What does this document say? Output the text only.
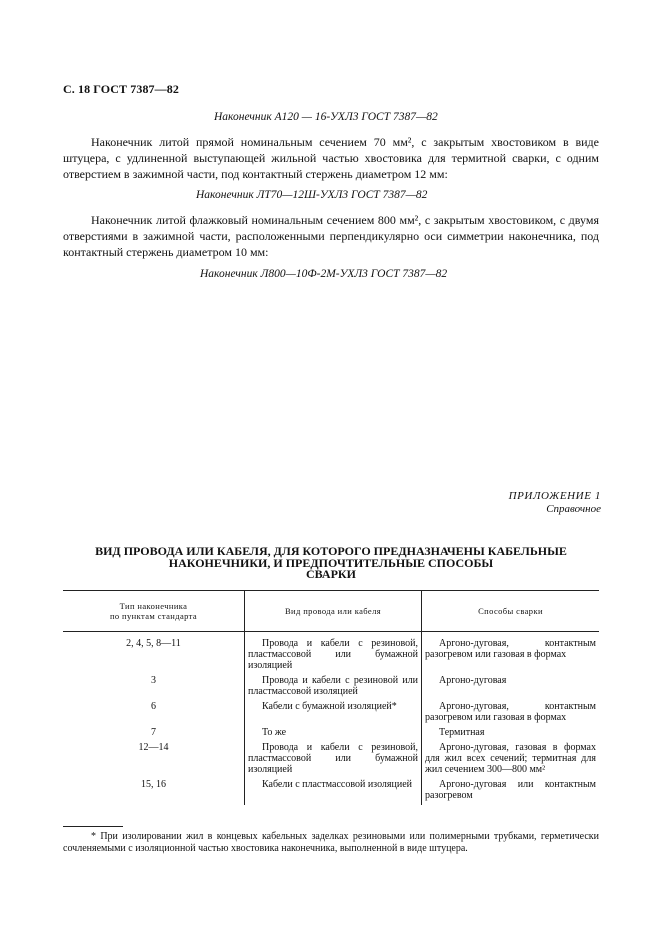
С. 18 ГОСТ 7387—82
Наконечник А120 — 16-УХЛ3 ГОСТ 7387—82
Наконечник литой прямой номинальным сечением 70 мм², с закрытым хвостовиком в виде штуцера, с удлиненной выступающей жильной частью хвостовика для термитной сварки, с одним отверстием в зажимной части, под контактный стержень диаметром 12 мм:
Наконечник ЛТ70—12Ш-УХЛ3 ГОСТ 7387—82
Наконечник литой флажковый номинальным сечением 800 мм², с закрытым хвостовиком, с двумя отверстиями в зажимной части, расположенными перпендикулярно оси симметрии наконечника, под контактный стержень диаметром 10 мм:
Наконечник Л800—10Ф-2М-УХЛ3 ГОСТ 7387—82
ПРИЛОЖЕНИЕ 1
Справочное
ВИД ПРОВОДА ИЛИ КАБЕЛЯ, ДЛЯ КОТОРОГО ПРЕДНАЗНАЧЕНЫ КАБЕЛЬНЫЕ
НАКОНЕЧНИКИ, И ПРЕДПОЧТИТЕЛЬНЫЕ СПОСОБЫ
СВАРКИ
Тип наконечника
по пунктам стандарта	Вид провода или кабеля	Способы сварки
2, 4, 5, 8—11	Провода и кабели с резиновой, пластмассовой или бумажной изоляцией	Аргоно-дуговая, контактным разогревом или газовая в формах
3	Провода и кабели с резиновой или пластмассовой изоляцией	Аргоно-дуговая
6	Кабели с бумажной изоляцией*	Аргоно-дуговая, контактным разогревом или газовая в формах
7	То же	Термитная
12—14	Провода и кабели с резиновой, пластмассовой или бумажной изоляцией	Аргоно-дуговая, газовая в формах для жил всех сечений; термитная для жил сечением 300—800 мм²
15, 16	Кабели с пластмассовой изоляцией	Аргоно-дуговая или контактным разогревом
* При изолировании жил в концевых кабельных заделках резиновыми или полимерными трубками, герметически сочленяемыми с изоляционной частью хвостовика наконечника, выполненной в виде штуцера.
